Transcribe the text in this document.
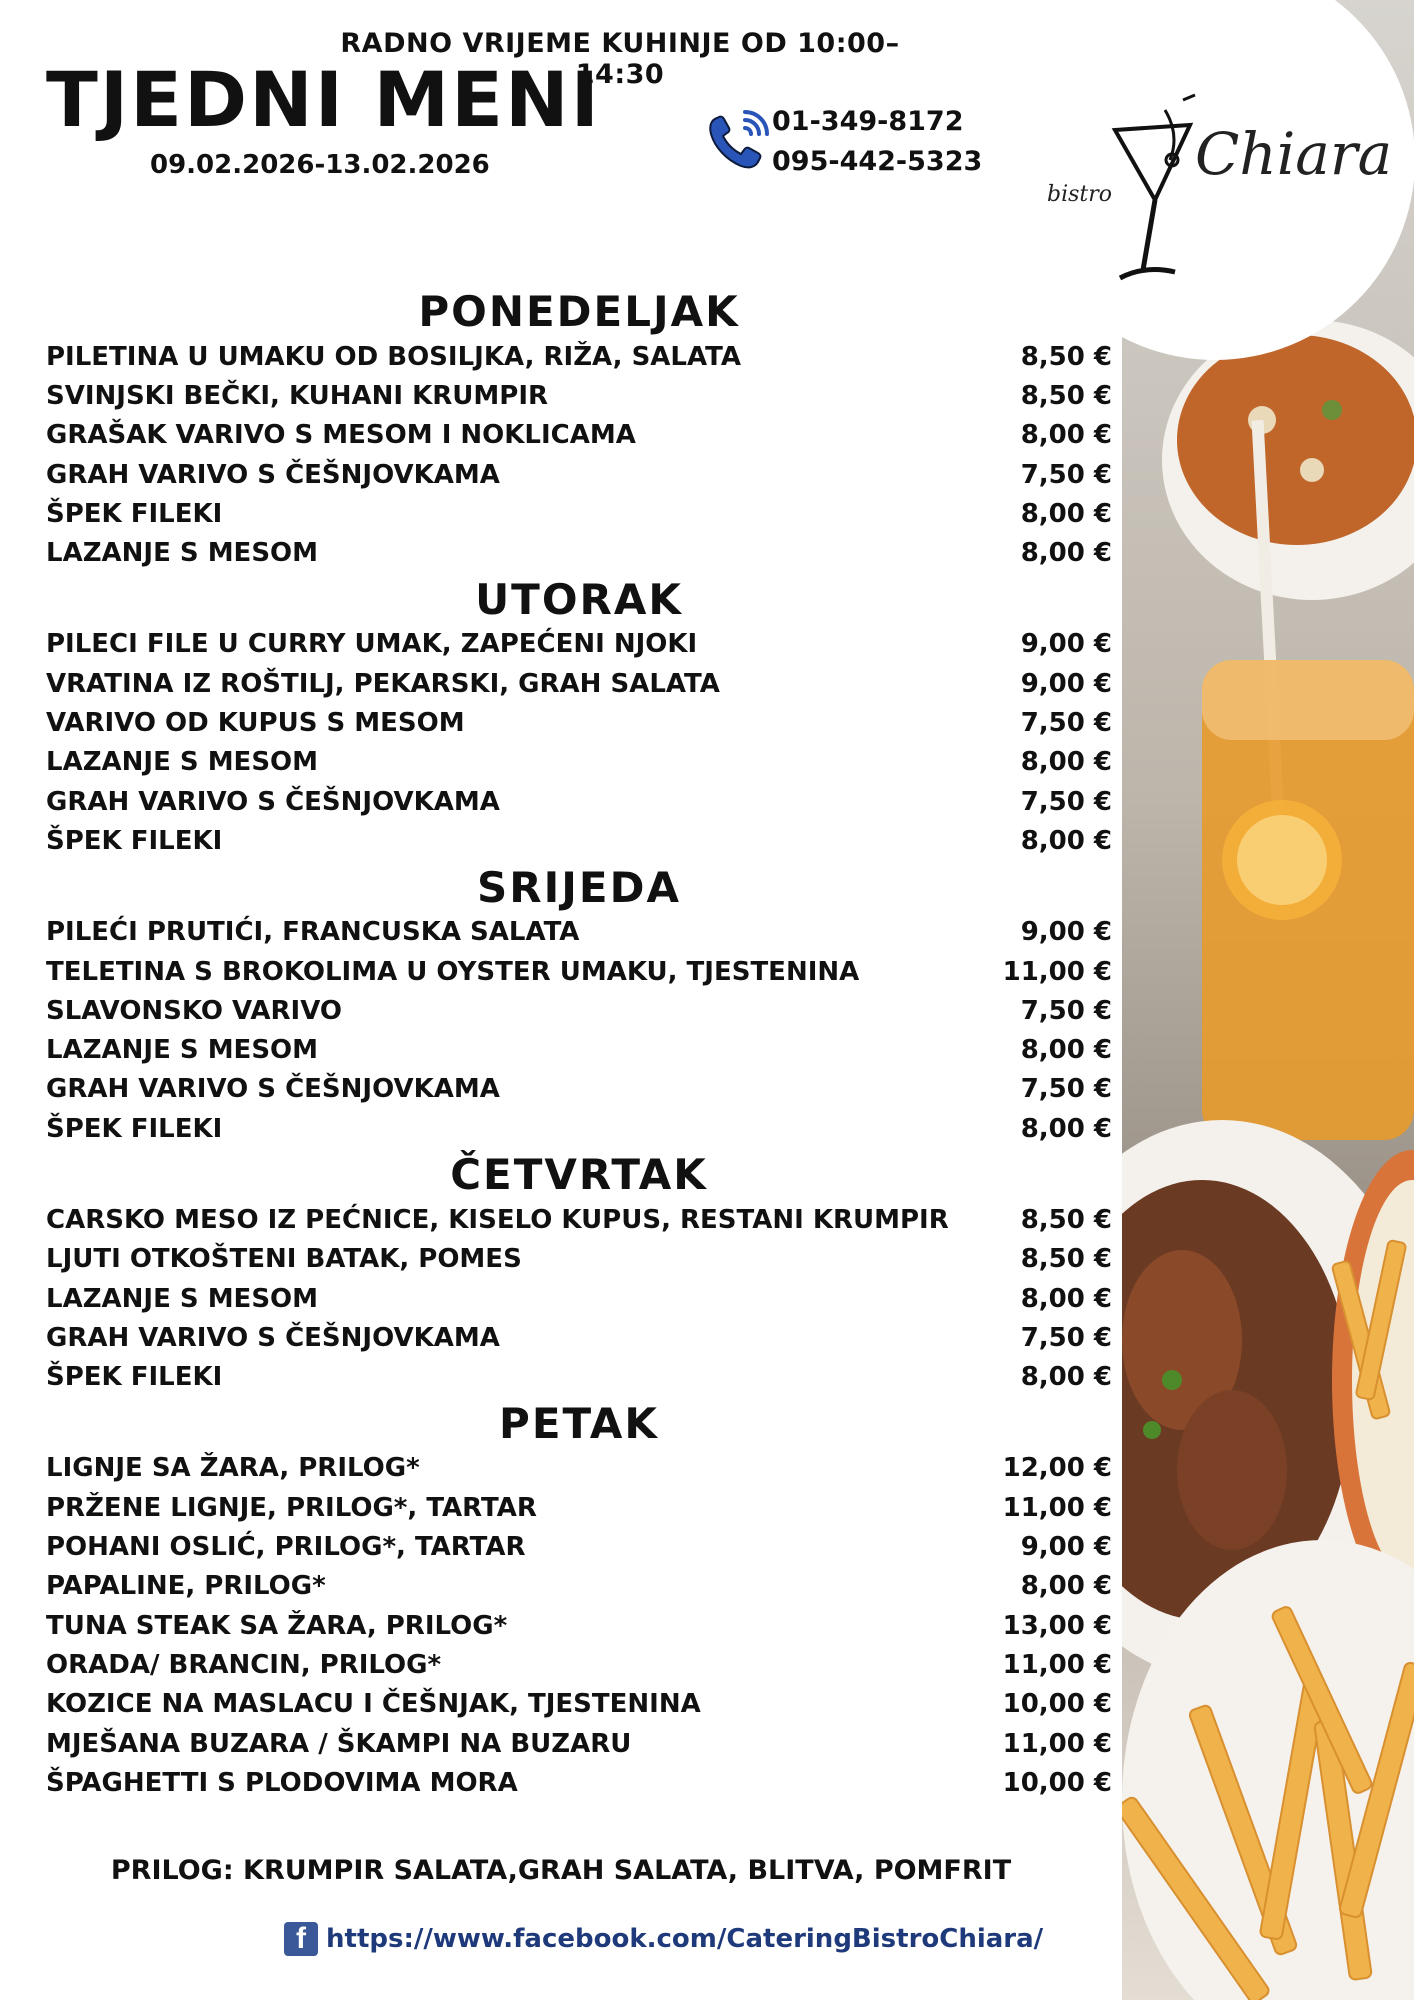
RADNO VRIJEME KUHINJE OD 10:00–14:30
TJEDNI MENI
09.02.2026-13.02.2026
01-349-8172
095-442-5323
bistro
Chiara
PONEDELJAK
PILETINA U UMAKU OD BOSILJKA, RIŽA, SALATA	8,50 €
SVINJSKI BEČKI, KUHANI KRUMPIR	8,50 €
GRAŠAK VARIVO S MESOM I NOKLICAMA	8,00 €
GRAH VARIVO S ČEŠNJOVKAMA	7,50 €
ŠPEK FILEKI	8,00 €
LAZANJE S MESOM	8,00 €
UTORAK
PILECI FILE U CURRY UMAK, ZAPEĆENI NJOKI	9,00 €
VRATINA IZ ROŠTILJ, PEKARSKI, GRAH SALATA	9,00 €
VARIVO OD KUPUS S MESOM	7,50 €
LAZANJE S MESOM	8,00 €
GRAH VARIVO S ČEŠNJOVKAMA	7,50 €
ŠPEK FILEKI	8,00 €
SRIJEDA
PILEĆI PRUTIĆI, FRANCUSKA SALATA	9,00 €
TELETINA S BROKOLIMA U OYSTER UMAKU, TJESTENINA	11,00 €
SLAVONSKO VARIVO	7,50 €
LAZANJE S MESOM	8,00 €
GRAH VARIVO S ČEŠNJOVKAMA	7,50 €
ŠPEK FILEKI	8,00 €
ČETVRTAK
CARSKO MESO IZ PEĆNICE, KISELO KUPUS, RESTANI KRUMPIR	8,50 €
LJUTI OTKOŠTENI BATAK, POMES	8,50 €
LAZANJE S MESOM	8,00 €
GRAH VARIVO S ČEŠNJOVKAMA	7,50 €
ŠPEK FILEKI	8,00 €
PETAK
LIGNJE SA ŽARA, PRILOG*	12,00 €
PRŽENE LIGNJE, PRILOG*, TARTAR	11,00 €
POHANI OSLIĆ, PRILOG*, TARTAR	9,00 €
PAPALINE, PRILOG*	8,00 €
TUNA STEAK SA ŽARA, PRILOG*	13,00 €
ORADA/ BRANCIN, PRILOG*	11,00 €
KOZICE NA MASLACU I ČEŠNJAK, TJESTENINA	10,00 €
MJEŠANA BUZARA / ŠKAMPI NA BUZARU	11,00 €
ŠPAGHETTI S PLODOVIMA MORA	10,00 €
PRILOG: KRUMPIR SALATA,GRAH SALATA, BLITVA, POMFRIT
f https://www.facebook.com/CateringBistroChiara/
